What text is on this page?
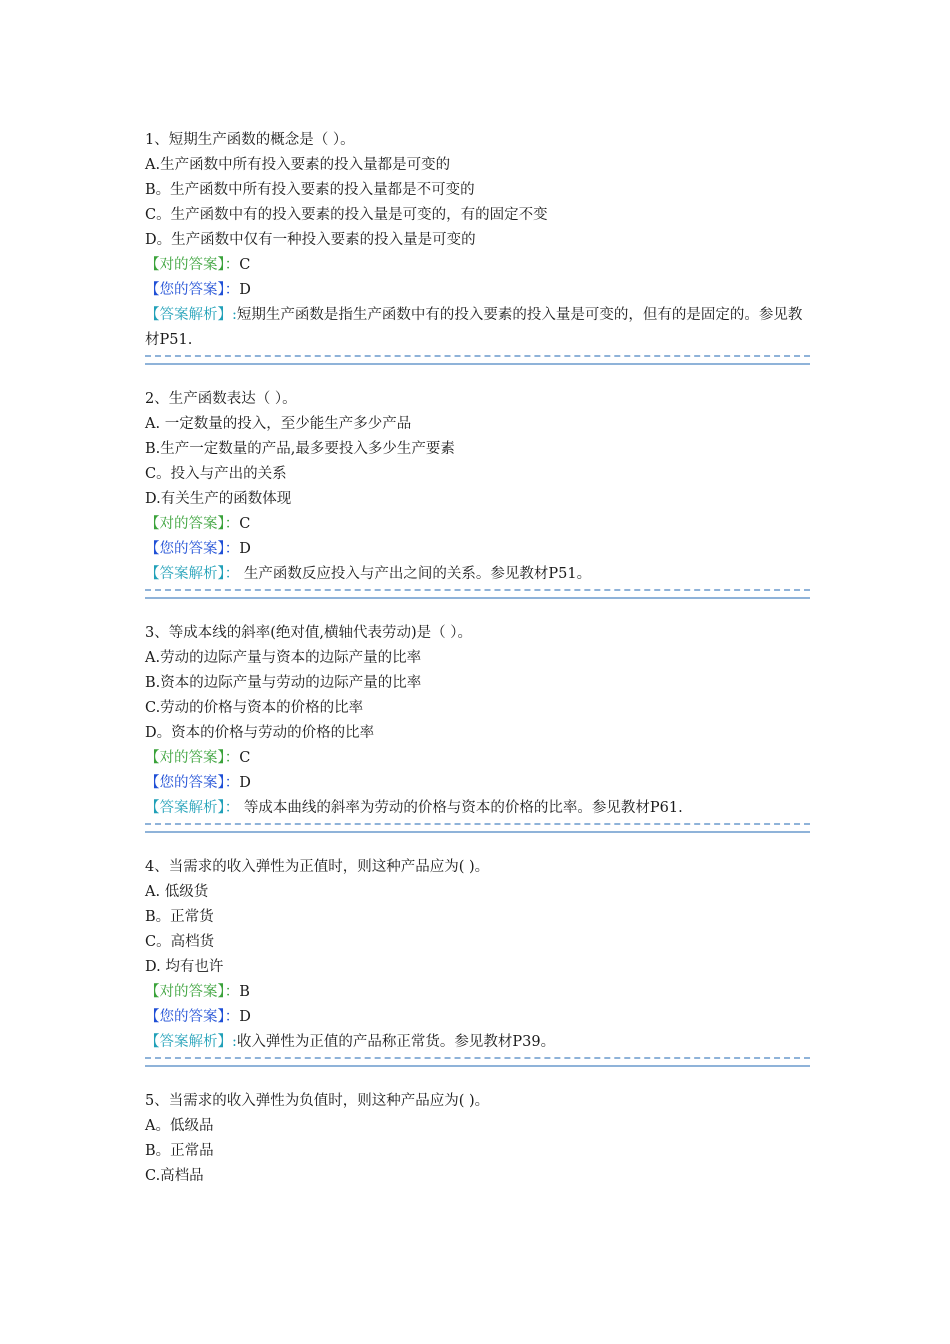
1、短期生产函数的概念是（ ）。
A.生产函数中所有投入要素的投入量都是可变的
B。生产函数中所有投入要素的投入量都是不可变的
C。生产函数中有的投入要素的投入量是可变的，有的固定不变
D。生产函数中仅有一种投入要素的投入量是可变的
【对的答案】：C
【您的答案】：D
【答案解析】:短期生产函数是指生产函数中有的投入要素的投入量是可变的，但有的是固定的。参见教材P51.
2、生产函数表达（ ）。
A. 一定数量的投入，至少能生产多少产品
B.生产一定数量的产品,最多要投入多少生产要素
C。投入与产出的关系
D.有关生产的函数体现
【对的答案】：C
【您的答案】：D
【答案解析】： 生产函数反应投入与产出之间的关系。参见教材P51。
3、等成本线的斜率(绝对值,横轴代表劳动)是（ ）。
A.劳动的边际产量与资本的边际产量的比率
B.资本的边际产量与劳动的边际产量的比率
C.劳动的价格与资本的价格的比率
D。资本的价格与劳动的价格的比率
【对的答案】：C
【您的答案】：D
【答案解析】： 等成本曲线的斜率为劳动的价格与资本的价格的比率。参见教材P61.
4、当需求的收入弹性为正值时，则这种产品应为( )。
A. 低级货
B。正常货
C。高档货
D. 均有也许
【对的答案】：B
【您的答案】：D
【答案解析】:收入弹性为正值的产品称正常货。参见教材P39。
5、当需求的收入弹性为负值时，则这种产品应为( )。
A。低级品
B。正常品
C.高档品
